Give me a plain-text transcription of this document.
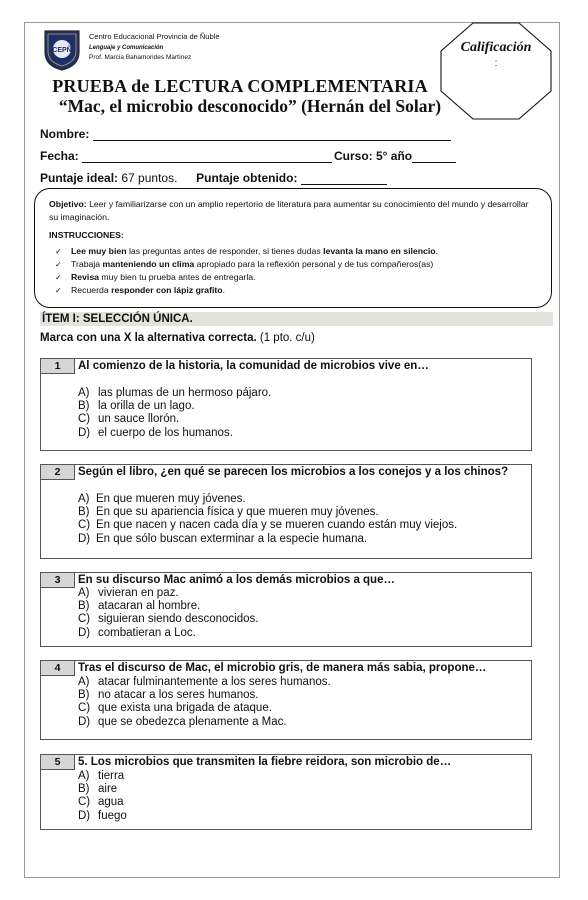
CEPÑ
Centro Educacional Provincia de Ñuble
Lenguaje y Comunicación
Prof. Marcia Bahamondes Martínez
Calificación
:
PRUEBA de LECTURA COMPLEMENTARIA
“Mac, el microbio desconocido” (Hernán del Solar)
Nombre:
Fecha:	Curso: 5° año
Puntaje ideal: 67 puntos. Puntaje obtenido:
Objetivo: Leer y familiarizarse con un amplio repertorio de literatura para aumentar su conocimiento del mundo y desarrollar su imaginación.
INSTRUCCIONES:
✓ Lee muy bien las preguntas antes de responder, si tienes dudas levanta la mano en silencio.
✓ Trabaja manteniendo un clima apropiado para la reflexión personal y de tus compañeros(as)
✓ Revisa muy bien tu prueba antes de entregarla.
✓ Recuerda responder con lápiz grafito.
ÍTEM I: SELECCIÓN ÚNICA.
Marca con una X la alternativa correcta. (1 pto. c/u)
1	Al comienzo de la historia, la comunidad de microbios vive en…
A) las plumas de un hermoso pájaro.
B) la orilla de un lago.
C) un sauce llorón.
D) el cuerpo de los humanos.
2	Según el libro, ¿en qué se parecen los microbios a los conejos y a los chinos?
A) En que mueren muy jóvenes.
B) En que su apariencia física y que mueren muy jóvenes.
C) En que nacen y nacen cada día y se mueren cuando están muy viejos.
D) En que sólo buscan exterminar a la especie humana.
3	En su discurso Mac animó a los demás microbios a que…
A) vivieran en paz.
B) atacaran al hombre.
C) siguieran siendo desconocidos.
D) combatieran a Loc.
4	Tras el discurso de Mac, el microbio gris, de manera más sabia, propone…
A) atacar fulminantemente a los seres humanos.
B) no atacar a los seres humanos.
C) que exista una brigada de ataque.
D) que se obedezca plenamente a Mac.
5	5. Los microbios que transmiten la fiebre reidora, son microbio de…
A) tierra
B) aire
C) agua
D) fuego
